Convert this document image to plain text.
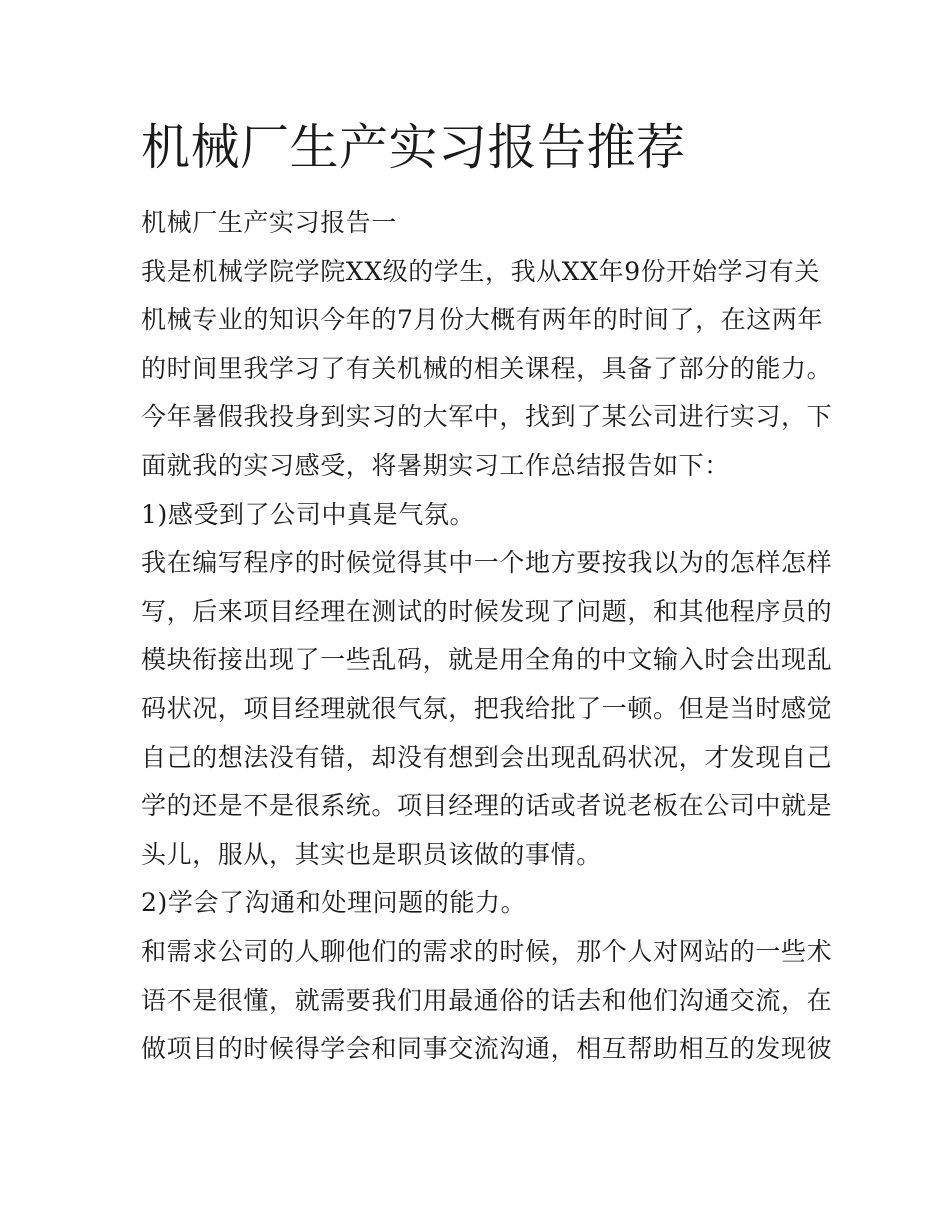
机械厂生产实习报告推荐
机械厂生产实习报告一
我是机械学院学院XX级的学生，我从XX年9份开始学习有关
机械专业的知识今年的7月份大概有两年的时间了，在这两年
的时间里我学习了有关机械的相关课程，具备了部分的能力。
今年暑假我投身到实习的大军中，找到了某公司进行实习，下
面就我的实习感受，将暑期实习工作总结报告如下：
1)感受到了公司中真是气氛。
我在编写程序的时候觉得其中一个地方要按我以为的怎样怎样
写，后来项目经理在测试的时候发现了问题，和其他程序员的
模块衔接出现了一些乱码，就是用全角的中文输入时会出现乱
码状况，项目经理就很气氛，把我给批了一顿。但是当时感觉
自己的想法没有错，却没有想到会出现乱码状况，才发现自己
学的还是不是很系统。项目经理的话或者说老板在公司中就是
头儿，服从，其实也是职员该做的事情。
2)学会了沟通和处理问题的能力。
和需求公司的人聊他们的需求的时候，那个人对网站的一些术
语不是很懂，就需要我们用最通俗的话去和他们沟通交流，在
做项目的时候得学会和同事交流沟通，相互帮助相互的发现彼
